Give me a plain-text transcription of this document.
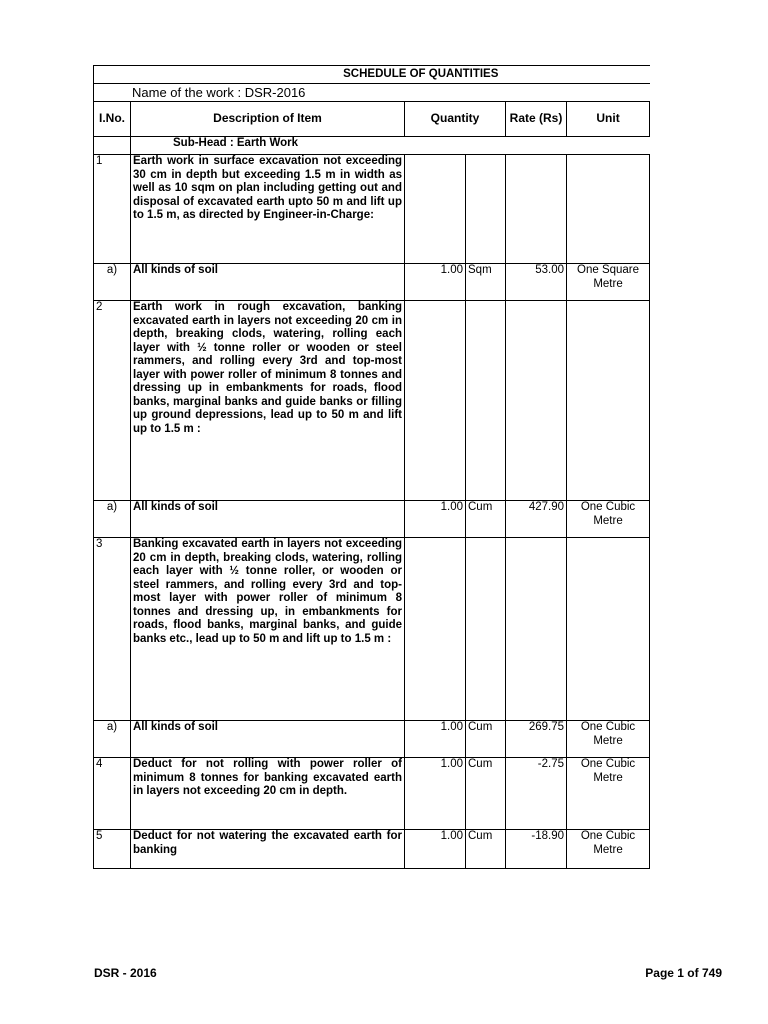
SCHEDULE OF QUANTITIES					
Name of the work : DSR-2016					
I.No.	Description of Item	Quantity		Rate (Rs)	Unit
	Sub-Head : Earth Work				
1	Earth work in surface excavation not exceeding 30 cm in depth but exceeding 1.5 m in width as well as 10 sqm on plan including getting out and disposal of excavated earth upto 50 m and lift up to 1.5 m, as directed by Engineer-in-Charge:				
a)	All kinds of soil	1.00	Sqm	53.00	One Square Metre
2	Earth work in rough excavation, banking excavated earth in layers not exceeding 20 cm in depth, breaking clods, watering, rolling each layer with ½ tonne roller or wooden or steel rammers, and rolling every 3rd and top-most layer with power roller of minimum 8 tonnes and dressing up in embankments for roads, flood banks, marginal banks and guide banks or filling up ground depressions, lead up to 50 m and lift up to 1.5 m :				
a)	All kinds of soil	1.00	Cum	427.90	One Cubic Metre
3	Banking excavated earth in layers not exceeding 20 cm in depth, breaking clods, watering, rolling each layer with ½ tonne roller, or wooden or steel rammers, and rolling every 3rd and top-most layer with power roller of minimum 8 tonnes and dressing up, in embankments for roads, flood banks, marginal banks, and guide banks etc., lead up to 50 m and lift up to 1.5 m :				
a)	All kinds of soil	1.00	Cum	269.75	One Cubic Metre
4	Deduct for not rolling with power roller of minimum 8 tonnes for banking excavated earth in layers not exceeding 20 cm in depth.	1.00	Cum	-2.75	One Cubic Metre
5	Deduct for not watering the excavated earth for banking	1.00	Cum	-18.90	One Cubic Metre
DSR - 2016	Page 1 of 749
